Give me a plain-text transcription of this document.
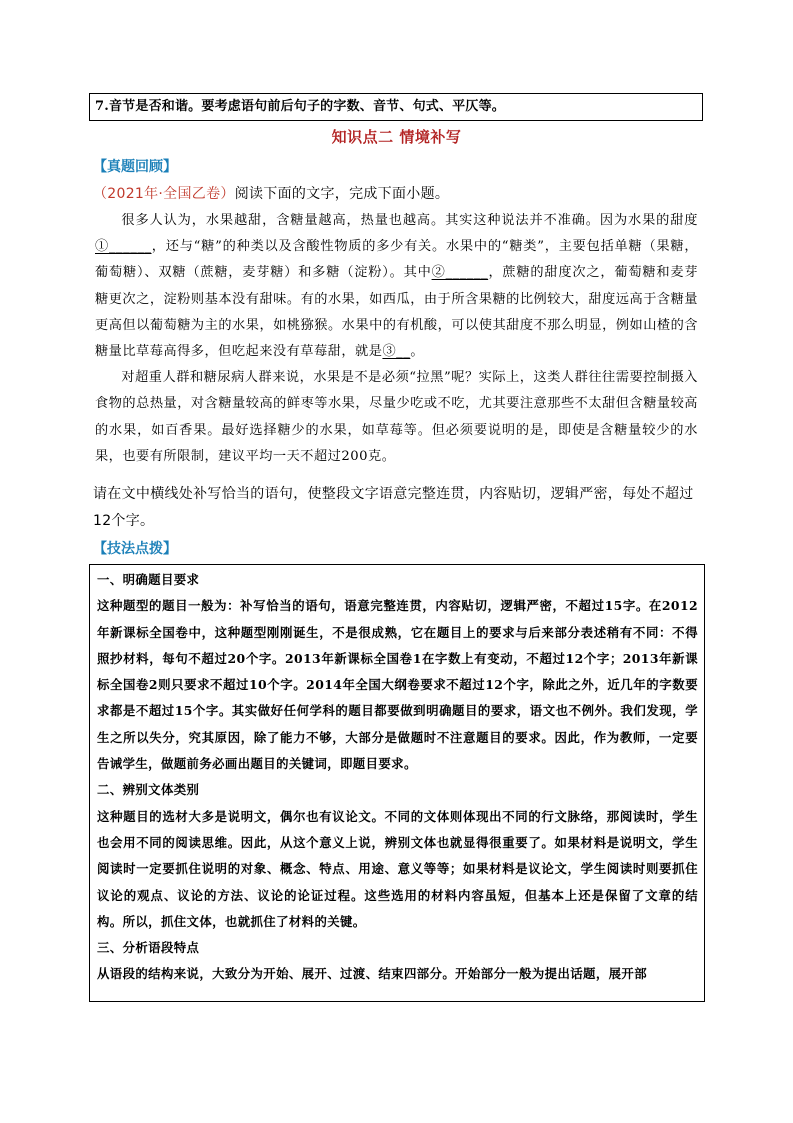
7.音节是否和谐。要考虑语句前后句子的字数、音节、句式、平仄等。
知识点二 情境补写
【真题回顾】
（2021年·全国乙卷）阅读下面的文字，完成下面小题。

很多人认为，水果越甜，含糖量越高，热量也越高。其实这种说法并不准确。因为水果的甜度①______，还与“糖”的种类以及含酸性物质的多少有关。水果中的“糖类”，主要包括单糖（果糖，葡萄糖）、双糖（蔗糖，麦芽糖）和多糖（淀粉）。其中②______，蔗糖的甜度次之，葡萄糖和麦芽糖更次之，淀粉则基本没有甜味。有的水果，如西瓜，由于所含果糖的比例较大，甜度远高于含糖量更高但以葡萄糖为主的水果，如桃猕猴。水果中的有机酸，可以使其甜度不那么明显，例如山楂的含糖量比草莓高得多，但吃起来没有草莓甜，就是③__。

对超重人群和糖尿病人群来说，水果是不是必须“拉黑”呢？实际上，这类人群往往需要控制摄入食物的总热量，对含糖量较高的鲜枣等水果，尽量少吃或不吃，尤其要注意那些不太甜但含糖量较高的水果，如百香果。最好选择糖少的水果，如草莓等。但必须要说明的是，即使是含糖量较少的水果，也要有所限制，建议平均一天不超过200克。

请在文中横线处补写恰当的语句，使整段文字语意完整连贯，内容贴切，逻辑严密，每处不超过12个字。
【技法点拨】

一、明确题目要求

这种题型的题目一般为：补写恰当的语句，语意完整连贯，内容贴切，逻辑严密，不超过15字。在2012年新课标全国卷中，这种题型刚刚诞生，不是很成熟，它在题目上的要求与后来部分表述稍有不同：不得照抄材料，每句不超过20个字。2013年新课标全国卷1在字数上有变动，不超过12个字；2013年新课标全国卷2则只要求不超过10个字。2014年全国大纲卷要求不超过12个字，除此之外，近几年的字数要求都是不超过15个字。其实做好任何学科的题目都要做到明确题目的要求，语文也不例外。我们发现，学生之所以失分，究其原因，除了能力不够，大部分是做题时不注意题目的要求。因此，作为教师，一定要告诫学生，做题前务必画出题目的关键词，即题目要求。

二、辨别文体类别

这种题目的选材大多是说明文，偶尔也有议论文。不同的文体则体现出不同的行文脉络，那阅读时，学生也会用不同的阅读思维。因此，从这个意义上说，辨别文体也就显得很重要了。如果材料是说明文，学生阅读时一定要抓住说明的对象、概念、特点、用途、意义等等；如果材料是议论文，学生阅读时则要抓住议论的观点、议论的方法、议论的论证过程。这些选用的材料内容虽短，但基本上还是保留了文章的结构。所以，抓住文体，也就抓住了材料的关键。

三、分析语段特点

从语段的结构来说，大致分为开始、展开、过渡、结束四部分。开始部分一般为提出话题，展开部
